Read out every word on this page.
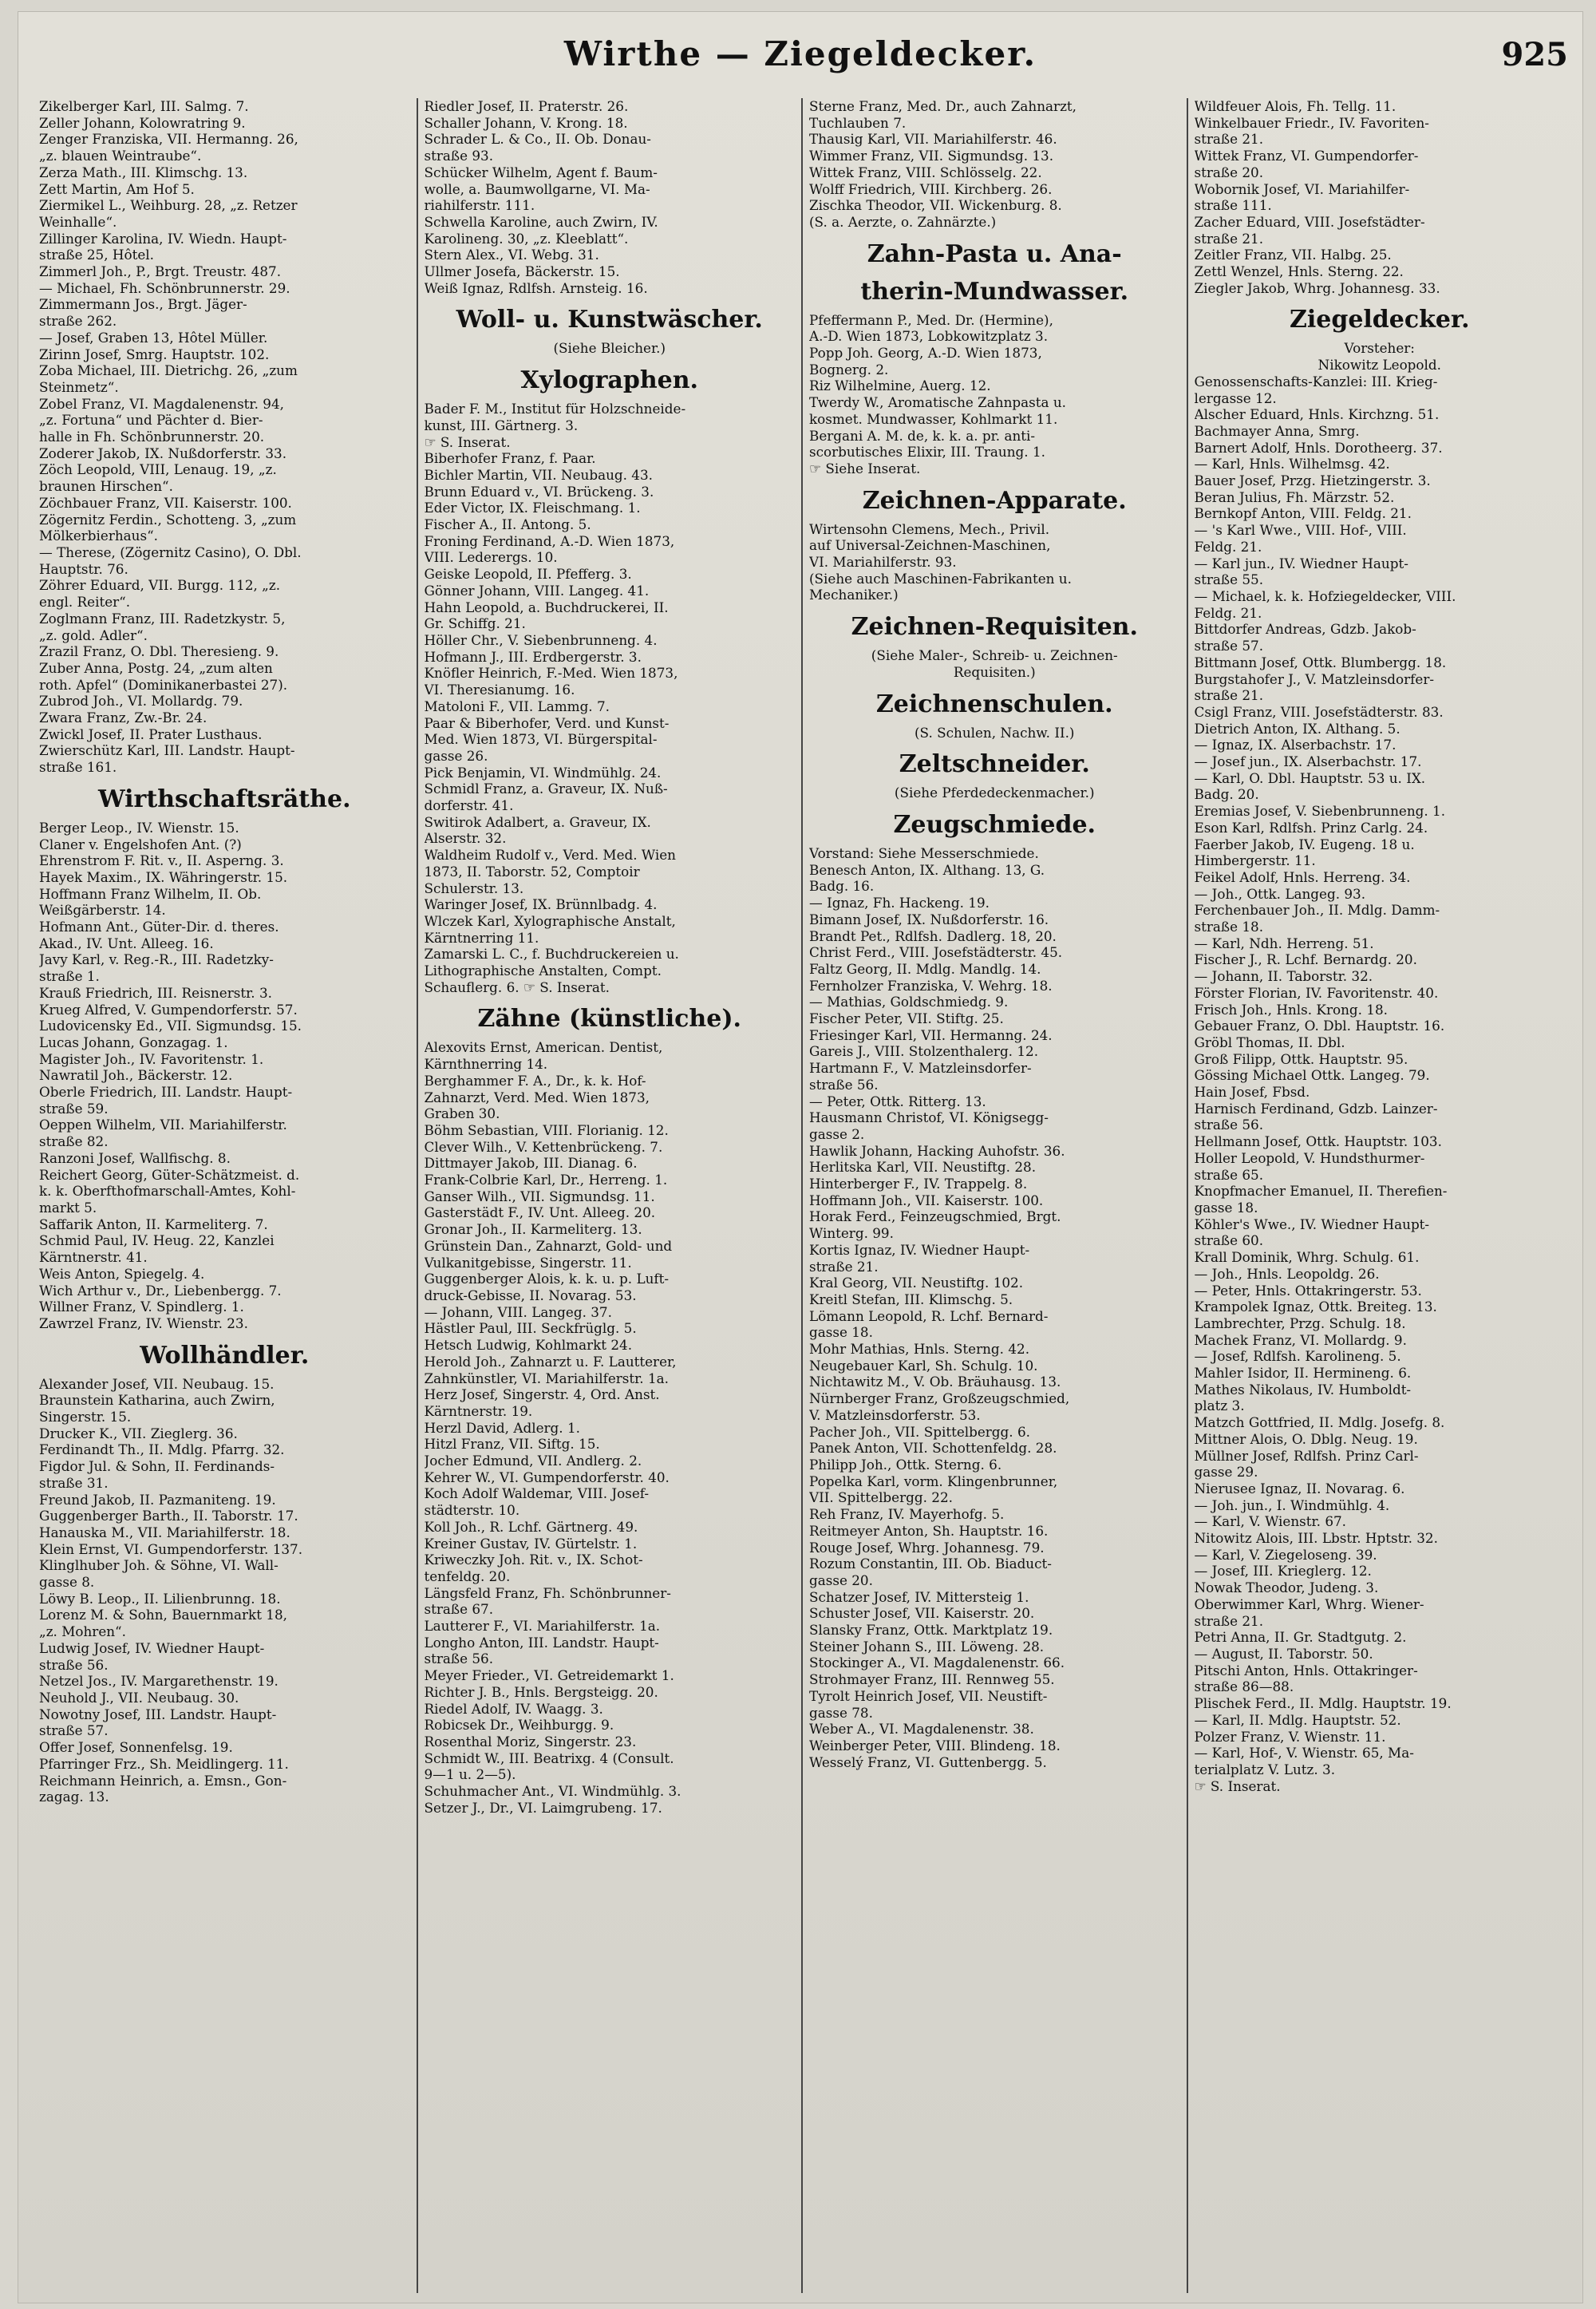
Wirthe — Ziegeldecker.	925
Zikelberger Karl, III. Salmg. 7.
Zeller Johann, Kolowratring 9.
Zenger Franziska, VII. Hermanng. 26,
„z. blauen Weintraube“.
Zerza Math., III. Klimschg. 13.
Zett Martin, Am Hof 5.
Ziermikel L., Weihburg. 28, „z. Retzer
Weinhalle“.
Zillinger Karolina, IV. Wiedn. Haupt-
straße 25, Hôtel.
Zimmerl Joh., P., Brgt. Treustr. 487.
— Michael, Fh. Schönbrunnerstr. 29.
Zimmermann Jos., Brgt. Jäger-
straße 262.
— Josef, Graben 13, Hôtel Müller.
Zirinn Josef, Smrg. Hauptstr. 102.
Zoba Michael, III. Dietrichg. 26, „zum
Steinmetz“.
Zobel Franz, VI. Magdalenenstr. 94,
„z. Fortuna“ und Pächter d. Bier-
halle in Fh. Schönbrunnerstr. 20.
Zoderer Jakob, IX. Nußdorferstr. 33.
Zöch Leopold, VIII, Lenaug. 19, „z.
braunen Hirschen“.
Zöchbauer Franz, VII. Kaiserstr. 100.
Zögernitz Ferdin., Schotteng. 3, „zum
Mölkerbierhaus“.
— Therese, (Zögernitz Casino), O. Dbl.
Hauptstr. 76.
Zöhrer Eduard, VII. Burgg. 112, „z.
engl. Reiter“.
Zoglmann Franz, III. Radetzkystr. 5,
„z. gold. Adler“.
Zrazil Franz, O. Dbl. Theresieng. 9.
Zuber Anna, Postg. 24, „zum alten
roth. Apfel“ (Dominikanerbastei 27).
Zubrod Joh., VI. Mollardg. 79.
Zwara Franz, Zw.-Br. 24.
Zwickl Josef, II. Prater Lusthaus.
Zwierschütz Karl, III. Landstr. Haupt-
straße 161.
Wirthschaftsräthe.
Berger Leop., IV. Wienstr. 15.
Claner v. Engelshofen Ant. (?)
Ehrenstrom F. Rit. v., II. Asperng. 3.
Hayek Maxim., IX. Währingerstr. 15.
Hoffmann Franz Wilhelm, II. Ob.
Weißgärberstr. 14.
Hofmann Ant., Güter-Dir. d. theres.
Akad., IV. Unt. Alleeg. 16.
Javy Karl, v. Reg.-R., III. Radetzky-
straße 1.
Krauß Friedrich, III. Reisnerstr. 3.
Krueg Alfred, V. Gumpendorferstr. 57.
Ludovicensky Ed., VII. Sigmundsg. 15.
Lucas Johann, Gonzagag. 1.
Magister Joh., IV. Favoritenstr. 1.
Nawratil Joh., Bäckerstr. 12.
Oberle Friedrich, III. Landstr. Haupt-
straße 59.
Oeppen Wilhelm, VII. Mariahilferstr.
straße 82.
Ranzoni Josef, Wallfischg. 8.
Reichert Georg, Güter-Schätzmeist. d.
k. k. Oberfthofmarschall-Amtes, Kohl-
markt 5.
Saffarik Anton, II. Karmeliterg. 7.
Schmid Paul, IV. Heug. 22, Kanzlei
Kärntnerstr. 41.
Weis Anton, Spiegelg. 4.
Wich Arthur v., Dr., Liebenbergg. 7.
Willner Franz, V. Spindlerg. 1.
Zawrzel Franz, IV. Wienstr. 23.
Wollhändler.
Alexander Josef, VII. Neubaug. 15.
Braunstein Katharina, auch Zwirn,
Singerstr. 15.
Drucker K., VII. Zieglerg. 36.
Ferdinandt Th., II. Mdlg. Pfarrg. 32.
Figdor Jul. & Sohn, II. Ferdinands-
straße 31.
Freund Jakob, II. Pazmaniteng. 19.
Guggenberger Barth., II. Taborstr. 17.
Hanauska M., VII. Mariahilferstr. 18.
Klein Ernst, VI. Gumpendorferstr. 137.
Klinglhuber Joh. & Söhne, VI. Wall-
gasse 8.
Löwy B. Leop., II. Lilienbrunng. 18.
Lorenz M. & Sohn, Bauernmarkt 18,
„z. Mohren“.
Ludwig Josef, IV. Wiedner Haupt-
straße 56.
Netzel Jos., IV. Margarethenstr. 19.
Neuhold J., VII. Neubaug. 30.
Nowotny Josef, III. Landstr. Haupt-
straße 57.
Offer Josef, Sonnenfelsg. 19.
Pfarringer Frz., Sh. Meidlingerg. 11.
Reichmann Heinrich, a. Emsn., Gon-
zagag. 13.
Riedler Josef, II. Praterstr. 26.
Schaller Johann, V. Krong. 18.
Schrader L. & Co., II. Ob. Donau-
straße 93.
Schücker Wilhelm, Agent f. Baum-
wolle, a. Baumwollgarne, VI. Ma-
riahilferstr. 111.
Schwella Karoline, auch Zwirn, IV.
Karolineng. 30, „z. Kleeblatt“.
Stern Alex., VI. Webg. 31.
Ullmer Josefa, Bäckerstr. 15.
Weiß Ignaz, Rdlfsh. Arnsteig. 16.
Woll- u. Kunstwäscher.
(Siehe Bleicher.)
Xylographen.
Bader F. M., Institut für Holzschneide-
kunst, III. Gärtnerg. 3.
☞ S. Inserat.
Biberhofer Franz, f. Paar.
Bichler Martin, VII. Neubaug. 43.
Brunn Eduard v., VI. Brückeng. 3.
Eder Victor, IX. Fleischmang. 1.
Fischer A., II. Antong. 5.
Froning Ferdinand, A.-D. Wien 1873,
VIII. Lederergs. 10.
Geiske Leopold, II. Pfefferg. 3.
Gönner Johann, VIII. Langeg. 41.
Hahn Leopold, a. Buchdruckerei, II.
Gr. Schiffg. 21.
Höller Chr., V. Siebenbrunneng. 4.
Hofmann J., III. Erdbergerstr. 3.
Knöfler Heinrich, F.-Med. Wien 1873,
VI. Theresianumg. 16.
Matoloni F., VII. Lammg. 7.
Paar & Biberhofer, Verd. und Kunst-
Med. Wien 1873, VI. Bürgerspital-
gasse 26.
Pick Benjamin, VI. Windmühlg. 24.
Schmidl Franz, a. Graveur, IX. Nuß-
dorferstr. 41.
Switirok Adalbert, a. Graveur, IX.
Alserstr. 32.
Waldheim Rudolf v., Verd. Med. Wien
1873, II. Taborstr. 52, Comptoir
Schulerstr. 13.
Waringer Josef, IX. Brünnlbadg. 4.
Wlczek Karl, Xylographische Anstalt,
Kärntnerring 11.
Zamarski L. C., f. Buchdruckereien u.
Lithographische Anstalten, Compt.
Schauflerg. 6. ☞ S. Inserat.
Zähne (künstliche).
Alexovits Ernst, American. Dentist,
Kärnthnerring 14.
Berghammer F. A., Dr., k. k. Hof-
Zahnarzt, Verd. Med. Wien 1873,
Graben 30.
Böhm Sebastian, VIII. Florianig. 12.
Clever Wilh., V. Kettenbrückeng. 7.
Dittmayer Jakob, III. Dianag. 6.
Frank-Colbrie Karl, Dr., Herreng. 1.
Ganser Wilh., VII. Sigmundsg. 11.
Gasterstädt F., IV. Unt. Alleeg. 20.
Gronar Joh., II. Karmeliterg. 13.
Grünstein Dan., Zahnarzt, Gold- und
Vulkanitgebisse, Singerstr. 11.
Guggenberger Alois, k. k. u. p. Luft-
druck-Gebisse, II. Novarag. 53.
— Johann, VIII. Langeg. 37.
Hästler Paul, III. Seckfrüglg. 5.
Hetsch Ludwig, Kohlmarkt 24.
Herold Joh., Zahnarzt u. F. Lautterer,
Zahnkünstler, VI. Mariahilferstr. 1a.
Herz Josef, Singerstr. 4, Ord. Anst.
Kärntnerstr. 19.
Herzl David, Adlerg. 1.
Hitzl Franz, VII. Siftg. 15.
Jocher Edmund, VII. Andlerg. 2.
Kehrer W., VI. Gumpendorferstr. 40.
Koch Adolf Waldemar, VIII. Josef-
städterstr. 10.
Koll Joh., R. Lchf. Gärtnerg. 49.
Kreiner Gustav, IV. Gürtelstr. 1.
Kriweczky Joh. Rit. v., IX. Schot-
tenfeldg. 20.
Längsfeld Franz, Fh. Schönbrunner-
straße 67.
Lautterer F., VI. Mariahilferstr. 1a.
Longho Anton, III. Landstr. Haupt-
straße 56.
Meyer Frieder., VI. Getreidemarkt 1.
Richter J. B., Hnls. Bergsteigg. 20.
Riedel Adolf, IV. Waagg. 3.
Robicsek Dr., Weihburgg. 9.
Rosenthal Moriz, Singerstr. 23.
Schmidt W., III. Beatrixg. 4 (Consult.
9—1 u. 2—5).
Schuhmacher Ant., VI. Windmühlg. 3.
Setzer J., Dr., VI. Laimgrubeng. 17.
Sterne Franz, Med. Dr., auch Zahnarzt,
Tuchlauben 7.
Thausig Karl, VII. Mariahilferstr. 46.
Wimmer Franz, VII. Sigmundsg. 13.
Wittek Franz, VIII. Schlösselg. 22.
Wolff Friedrich, VIII. Kirchberg. 26.
Zischka Theodor, VII. Wickenburg. 8.
(S. a. Aerzte, o. Zahnärzte.)
Zahn-Pasta u. Ana-
therin-Mundwasser.
Pfeffermann P., Med. Dr. (Hermine),
A.-D. Wien 1873, Lobkowitzplatz 3.
Popp Joh. Georg, A.-D. Wien 1873,
Bognerg. 2.
Riz Wilhelmine, Auerg. 12.
Twerdy W., Aromatische Zahnpasta u.
kosmet. Mundwasser, Kohlmarkt 11.
Bergani A. M. de, k. k. a. pr. anti-
scorbutisches Elixir, III. Traung. 1.
☞ Siehe Inserat.
Zeichnen-Apparate.
Wirtensohn Clemens, Mech., Privil.
auf Universal-Zeichnen-Maschinen,
VI. Mariahilferstr. 93.
(Siehe auch Maschinen-Fabrikanten u.
Mechaniker.)
Zeichnen-Requisiten.
(Siehe Maler-, Schreib- u. Zeichnen-
Requisiten.)
Zeichnenschulen.
(S. Schulen, Nachw. II.)
Zeltschneider.
(Siehe Pferdedeckenmacher.)
Zeugschmiede.
Vorstand: Siehe Messerschmiede.
Benesch Anton, IX. Althang. 13, G.
Badg. 16.
— Ignaz, Fh. Hackeng. 19.
Bimann Josef, IX. Nußdorferstr. 16.
Brandt Pet., Rdlfsh. Dadlerg. 18, 20.
Christ Ferd., VIII. Josefstädterstr. 45.
Faltz Georg, II. Mdlg. Mandlg. 14.
Fernholzer Franziska, V. Wehrg. 18.
— Mathias, Goldschmiedg. 9.
Fischer Peter, VII. Stiftg. 25.
Friesinger Karl, VII. Hermanng. 24.
Gareis J., VIII. Stolzenthalerg. 12.
Hartmann F., V. Matzleinsdorfer-
straße 56.
— Peter, Ottk. Ritterg. 13.
Hausmann Christof, VI. Königsegg-
gasse 2.
Hawlik Johann, Hacking Auhofstr. 36.
Herlitska Karl, VII. Neustiftg. 28.
Hinterberger F., IV. Trappelg. 8.
Hoffmann Joh., VII. Kaiserstr. 100.
Horak Ferd., Feinzeugschmied, Brgt.
Winterg. 99.
Kortis Ignaz, IV. Wiedner Haupt-
straße 21.
Kral Georg, VII. Neustiftg. 102.
Kreitl Stefan, III. Klimschg. 5.
Lömann Leopold, R. Lchf. Bernard-
gasse 18.
Mohr Mathias, Hnls. Sterng. 42.
Neugebauer Karl, Sh. Schulg. 10.
Nichtawitz M., V. Ob. Bräuhausg. 13.
Nürnberger Franz, Großzeugschmied,
V. Matzleinsdorferstr. 53.
Pacher Joh., VII. Spittelbergg. 6.
Panek Anton, VII. Schottenfeldg. 28.
Philipp Joh., Ottk. Sterng. 6.
Popelka Karl, vorm. Klingenbrunner,
VII. Spittelbergg. 22.
Reh Franz, IV. Mayerhofg. 5.
Reitmeyer Anton, Sh. Hauptstr. 16.
Rouge Josef, Whrg. Johannesg. 79.
Rozum Constantin, III. Ob. Biaduct-
gasse 20.
Schatzer Josef, IV. Mittersteig 1.
Schuster Josef, VII. Kaiserstr. 20.
Slansky Franz, Ottk. Marktplatz 19.
Steiner Johann S., III. Löweng. 28.
Stockinger A., VI. Magdalenenstr. 66.
Strohmayer Franz, III. Rennweg 55.
Tyrolt Heinrich Josef, VII. Neustift-
gasse 78.
Weber A., VI. Magdalenenstr. 38.
Weinberger Peter, VIII. Blindeng. 18.
Wesselý Franz, VI. Guttenbergg. 5.
Wildfeuer Alois, Fh. Tellg. 11.
Winkelbauer Friedr., IV. Favoriten-
straße 21.
Wittek Franz, VI. Gumpendorfer-
straße 20.
Wobornik Josef, VI. Mariahilfer-
straße 111.
Zacher Eduard, VIII. Josefstädter-
straße 21.
Zeitler Franz, VII. Halbg. 25.
Zettl Wenzel, Hnls. Sterng. 22.
Ziegler Jakob, Whrg. Johannesg. 33.
Ziegeldecker.
Vorsteher:
Nikowitz Leopold.
Genossenschafts-Kanzlei: III. Krieg-
lergasse 12.
Alscher Eduard, Hnls. Kirchzng. 51.
Bachmayer Anna, Smrg.
Barnert Adolf, Hnls. Dorotheerg. 37.
— Karl, Hnls. Wilhelmsg. 42.
Bauer Josef, Przg. Hietzingerstr. 3.
Beran Julius, Fh. Märzstr. 52.
Bernkopf Anton, VIII. Feldg. 21.
— 's Karl Wwe., VIII. Hof-, VIII.
Feldg. 21.
— Karl jun., IV. Wiedner Haupt-
straße 55.
— Michael, k. k. Hofziegeldecker, VIII.
Feldg. 21.
Bittdorfer Andreas, Gdzb. Jakob-
straße 57.
Bittmann Josef, Ottk. Blumbergg. 18.
Burgstahofer J., V. Matzleinsdorfer-
straße 21.
Csigl Franz, VIII. Josefstädterstr. 83.
Dietrich Anton, IX. Althang. 5.
— Ignaz, IX. Alserbachstr. 17.
— Josef jun., IX. Alserbachstr. 17.
— Karl, O. Dbl. Hauptstr. 53 u. IX.
Badg. 20.
Eremias Josef, V. Siebenbrunneng. 1.
Eson Karl, Rdlfsh. Prinz Carlg. 24.
Faerber Jakob, IV. Eugeng. 18 u.
Himbergerstr. 11.
Feikel Adolf, Hnls. Herreng. 34.
— Joh., Ottk. Langeg. 93.
Ferchenbauer Joh., II. Mdlg. Damm-
straße 18.
— Karl, Ndh. Herreng. 51.
Fischer J., R. Lchf. Bernardg. 20.
— Johann, II. Taborstr. 32.
Förster Florian, IV. Favoritenstr. 40.
Frisch Joh., Hnls. Krong. 18.
Gebauer Franz, O. Dbl. Hauptstr. 16.
Gröbl Thomas, II. Dbl.
Groß Filipp, Ottk. Hauptstr. 95.
Gössing Michael Ottk. Langeg. 79.
Hain Josef, Fbsd.
Harnisch Ferdinand, Gdzb. Lainzer-
straße 56.
Hellmann Josef, Ottk. Hauptstr. 103.
Holler Leopold, V. Hundsthurmer-
straße 65.
Knopfmacher Emanuel, II. Therefien-
gasse 18.
Köhler's Wwe., IV. Wiedner Haupt-
straße 60.
Krall Dominik, Whrg. Schulg. 61.
— Joh., Hnls. Leopoldg. 26.
— Peter, Hnls. Ottakringerstr. 53.
Krampolek Ignaz, Ottk. Breiteg. 13.
Lambrechter, Przg. Schulg. 18.
Machek Franz, VI. Mollardg. 9.
— Josef, Rdlfsh. Karolineng. 5.
Mahler Isidor, II. Hermineng. 6.
Mathes Nikolaus, IV. Humboldt-
platz 3.
Matzch Gottfried, II. Mdlg. Josefg. 8.
Mittner Alois, O. Dblg. Neug. 19.
Müllner Josef, Rdlfsh. Prinz Carl-
gasse 29.
Nierusee Ignaz, II. Novarag. 6.
— Joh. jun., I. Windmühlg. 4.
— Karl, V. Wienstr. 67.
Nitowitz Alois, III. Lbstr. Hptstr. 32.
— Karl, V. Ziegeloseng. 39.
— Josef, III. Krieglerg. 12.
Nowak Theodor, Judeng. 3.
Oberwimmer Karl, Whrg. Wiener-
straße 21.
Petri Anna, II. Gr. Stadtgutg. 2.
— August, II. Taborstr. 50.
Pitschi Anton, Hnls. Ottakringer-
straße 86—88.
Plischek Ferd., II. Mdlg. Hauptstr. 19.
— Karl, II. Mdlg. Hauptstr. 52.
Polzer Franz, V. Wienstr. 11.
— Karl, Hof-, V. Wienstr. 65, Ma-
terialplatz V. Lutz. 3.
☞ S. Inserat.
